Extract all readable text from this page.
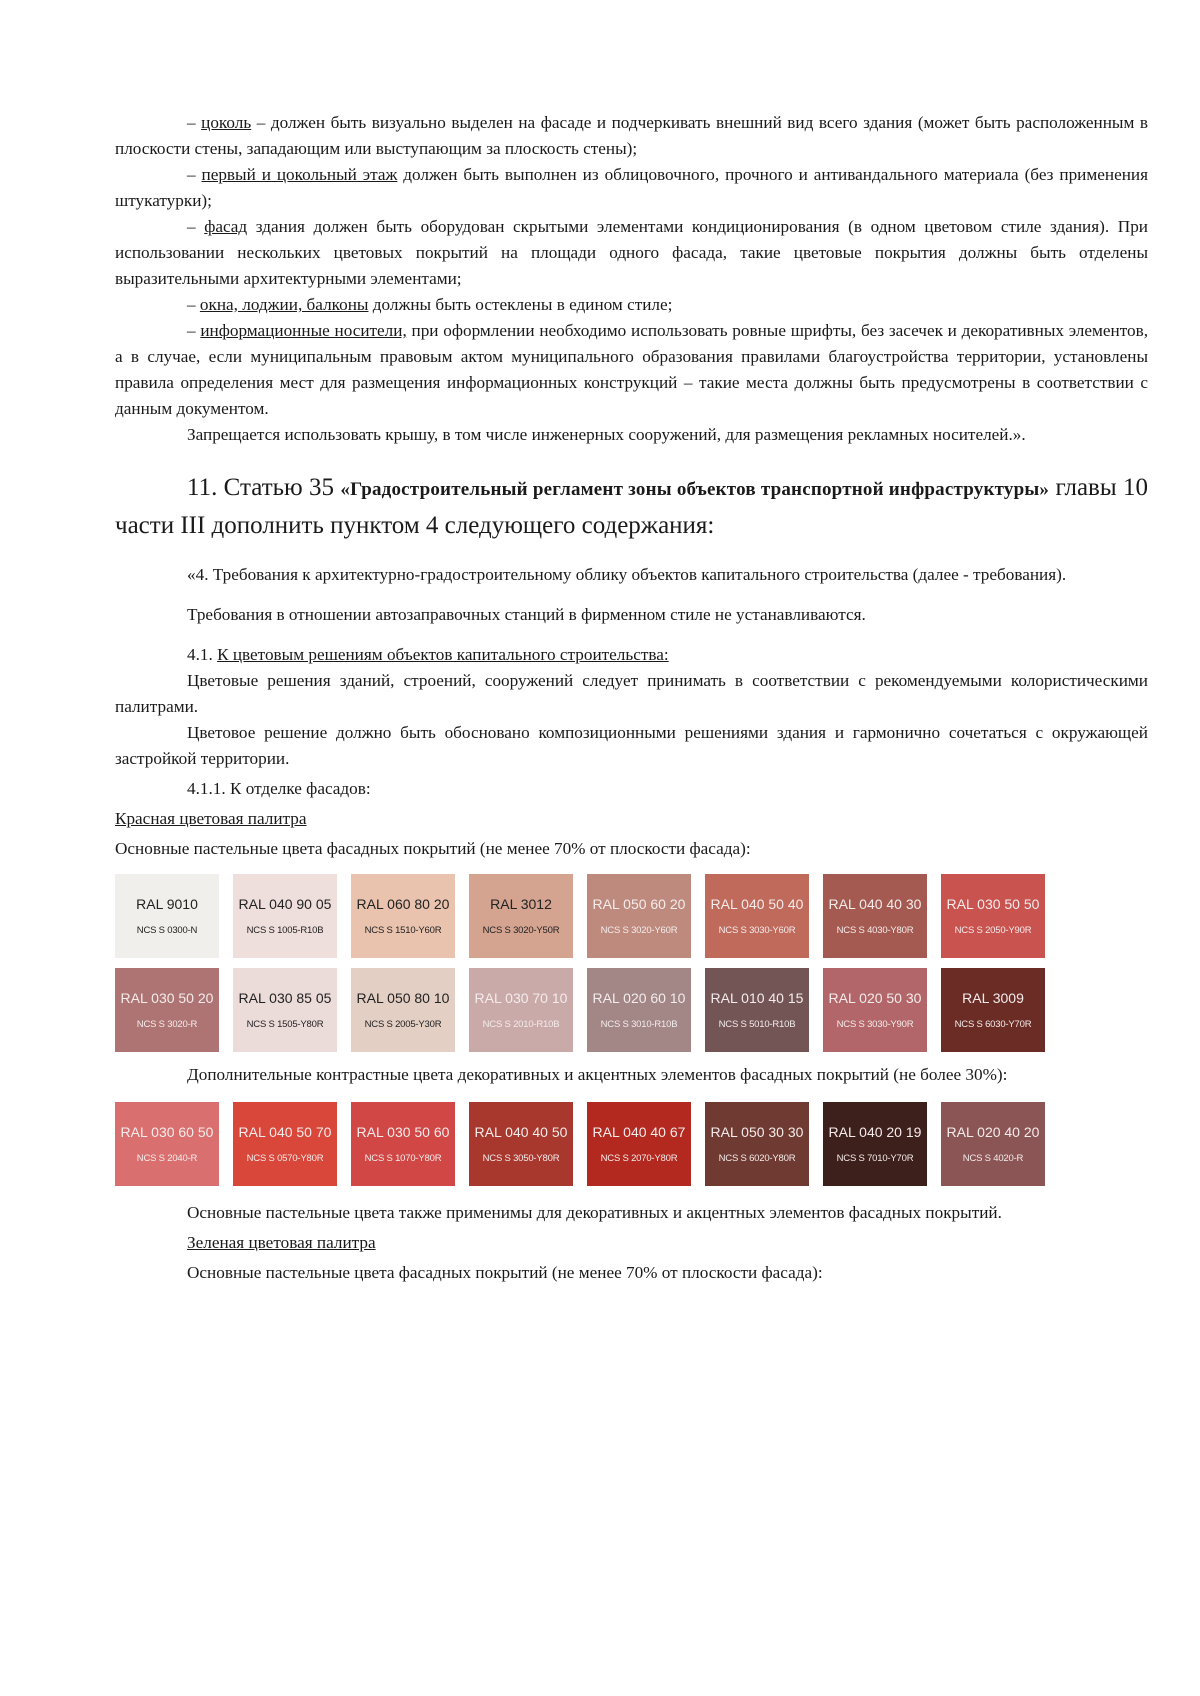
– цоколь – должен быть визуально выделен на фасаде и подчеркивать внешний вид всего здания (может быть расположенным в плоскости стены, западающим или выступающим за плоскость стены);

– первый и цокольный этаж должен быть выполнен из облицовочного, прочного и антивандального материала (без применения штукатурки);

– фасад здания должен быть оборудован скрытыми элементами кондиционирования (в одном цветовом стиле здания). При использовании нескольких цветовых покрытий на площади одного фасада, такие цветовые покрытия должны быть отделены выразительными архитектурными элементами;

– окна, лоджии, балконы должны быть остеклены в едином стиле;

– информационные носители, при оформлении необходимо использовать ровные шрифты, без засечек и декоративных элементов, а в случае, если муниципальным правовым актом муниципального образования правилами благоустройства территории, установлены правила определения мест для размещения информационных конструкций – такие места должны быть предусмотрены в соответствии с данным документом.

Запрещается использовать крышу, в том числе инженерных сооружений, для размещения рекламных носителей.».

11. Статью 35 «Градостроительный регламент зоны объектов транспортной инфраструктуры» главы 10 части III дополнить пунктом 4 следующего содержания:

«4. Требования к архитектурно-градостроительному облику объектов капитального строительства (далее - требования).

Требования в отношении автозаправочных станций в фирменном стиле не устанавливаются.

4.1. К цветовым решениям объектов капитального строительства:

Цветовые решения зданий, строений, сооружений следует принимать в соответствии с рекомендуемыми колористическими палитрами.

Цветовое решение должно быть обосновано композиционными решениями здания и гармонично сочетаться с окружающей застройкой территории.

4.1.1. К отделке фасадов:

Красная цветовая палитра

Основные пастельные цвета фасадных покрытий (не менее 70% от плоскости фасада):

RAL 9010
NCS S 0300-N
RAL 040 90 05
NCS S 1005-R10B
RAL 060 80 20
NCS S 1510-Y60R
RAL 3012
NCS S 3020-Y50R
RAL 050 60 20
NCS S 3020-Y60R
RAL 040 50 40
NCS S 3030-Y60R
RAL 040 40 30
NCS S 4030-Y80R
RAL 030 50 50
NCS S 2050-Y90R
RAL 030 50 20
NCS S 3020-R
RAL 030 85 05
NCS S 1505-Y80R
RAL 050 80 10
NCS S 2005-Y30R
RAL 030 70 10
NCS S 2010-R10B
RAL 020 60 10
NCS S 3010-R10B
RAL 010 40 15
NCS S 5010-R10B
RAL 020 50 30
NCS S 3030-Y90R
RAL 3009
NCS S 6030-Y70R

Дополнительные контрастные цвета декоративных и акцентных элементов фасадных покрытий (не более 30%):

RAL 030 60 50
NCS S 2040-R
RAL 040 50 70
NCS S 0570-Y80R
RAL 030 50 60
NCS S 1070-Y80R
RAL 040 40 50
NCS S 3050-Y80R
RAL 040 40 67
NCS S 2070-Y80R
RAL 050 30 30
NCS S 6020-Y80R
RAL 040 20 19
NCS S 7010-Y70R
RAL 020 40 20
NCS S 4020-R

Основные пастельные цвета также применимы для декоративных и акцентных элементов фасадных покрытий.

Зеленая цветовая палитра

Основные пастельные цвета фасадных покрытий (не менее 70% от плоскости фасада):
